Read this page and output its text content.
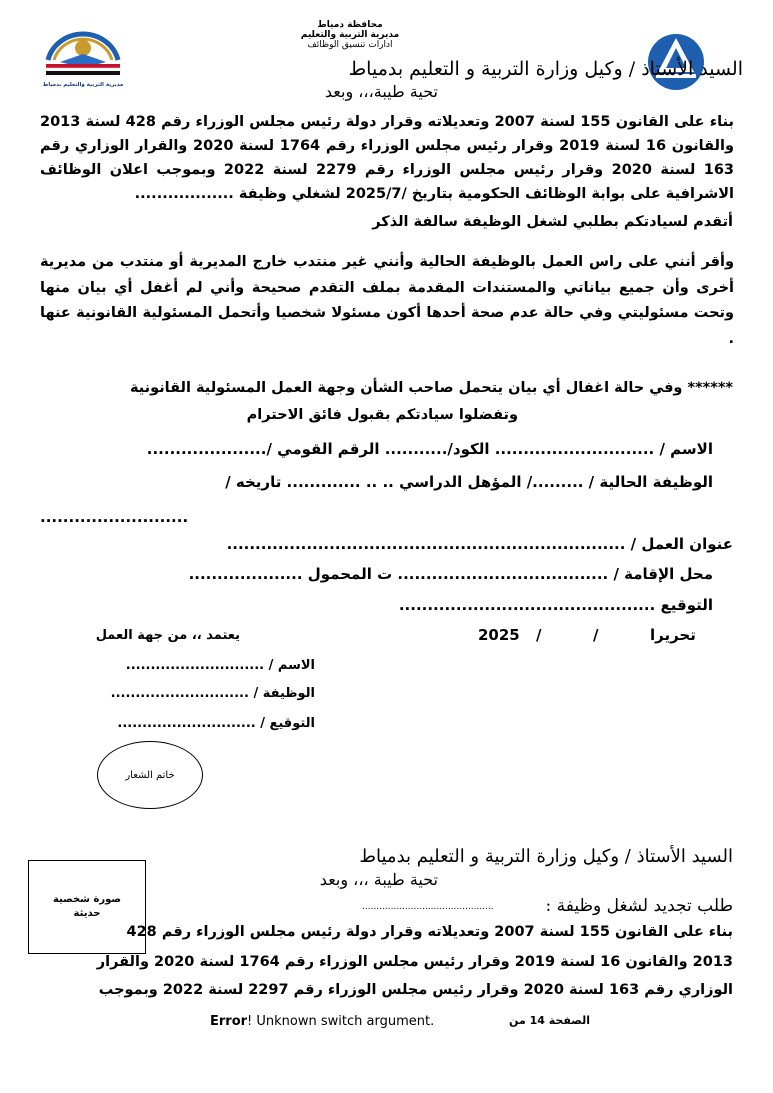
مديرية التربية والتعليم بدمياط
محافظة دمياط
مديرية التربية والتعليم
ادارات تنسيق الوظائف
السيد الأستاذ / وكيل وزارة التربية و التعليم بدمياط
تحية طيبة،،، وبعد
بناء على القانون 155 لسنة 2007 وتعديلاته وقرار دولة رئيس مجلس الوزراء رقم 428 لسنة 2013 والقانون 16 لسنة 2019 وقرار رئيس مجلس الوزراء رقم 1764 لسنة 2020 والقرار الوزاري رقم 163 لسنة 2020 وقرار رئيس مجلس الوزراء رقم 2279 لسنة 2022 وبموجب اعلان الوظائف الاشرافية على بوابة الوظائف الحكومية بتاريخ /2025/7 لشغلي وظيفة ..................
أتقدم لسيادتكم بطلبي لشغل الوظيفة سالفة الذكر
وأقر أنني على راس العمل بالوظيفة الحالية وأنني غير منتدب خارج المديرية أو منتدب من مديرية أخرى وأن جميع بياناتي والمستندات المقدمة بملف التقدم صحيحة وأني لم أغفل أي بيان منها وتحت مسئوليتي وفي حالة عدم صحة أحدها أكون مسئولا شخصيا وأتحمل المسئولية القانونية عنها .
****** وفي حالة اغفال أي بيان يتحمل صاحب الشأن وجهة العمل المسئولية القانونية
وتفضلوا سيادتكم بقبول فائق الاحترام
الاسم / ............................ الكود/........... الرقم القومي /.....................
الوظيفة الحالية / ........./ المؤهل الدراسي .. .. ............. تاريخه /
..........................
عنوان العمل / ......................................................................
محل الإقامة / ..................................... ت المحمول ....................
التوقيع .............................................
تحريرا
/
/
2025
يعتمد ،، من جهة العمل
الاسم / ............................
الوظيفة / ............................
التوقيع / ............................
خاتم الشعار
السيد الأستاذ / وكيل وزارة التربية و التعليم بدمياط
تحية طيبة ،،، وبعد
صورة شخصية
حديثة	طلب تجديد لشغل وظيفة :
..............................................
بناء على القانون 155 لسنة 2007 وتعديلاته وقرار دولة رئيس مجلس الوزراء رقم 428
2013 والقانون 16 لسنة 2019 وقرار رئيس مجلس الوزراء رقم 1764 لسنة 2020 والقرار
الوزاري رقم 163 لسنة 2020 وقرار رئيس مجلس الوزراء رقم 2297 لسنة 2022 وبموجب
الصفحة 14 من
Error! Unknown switch argument.
